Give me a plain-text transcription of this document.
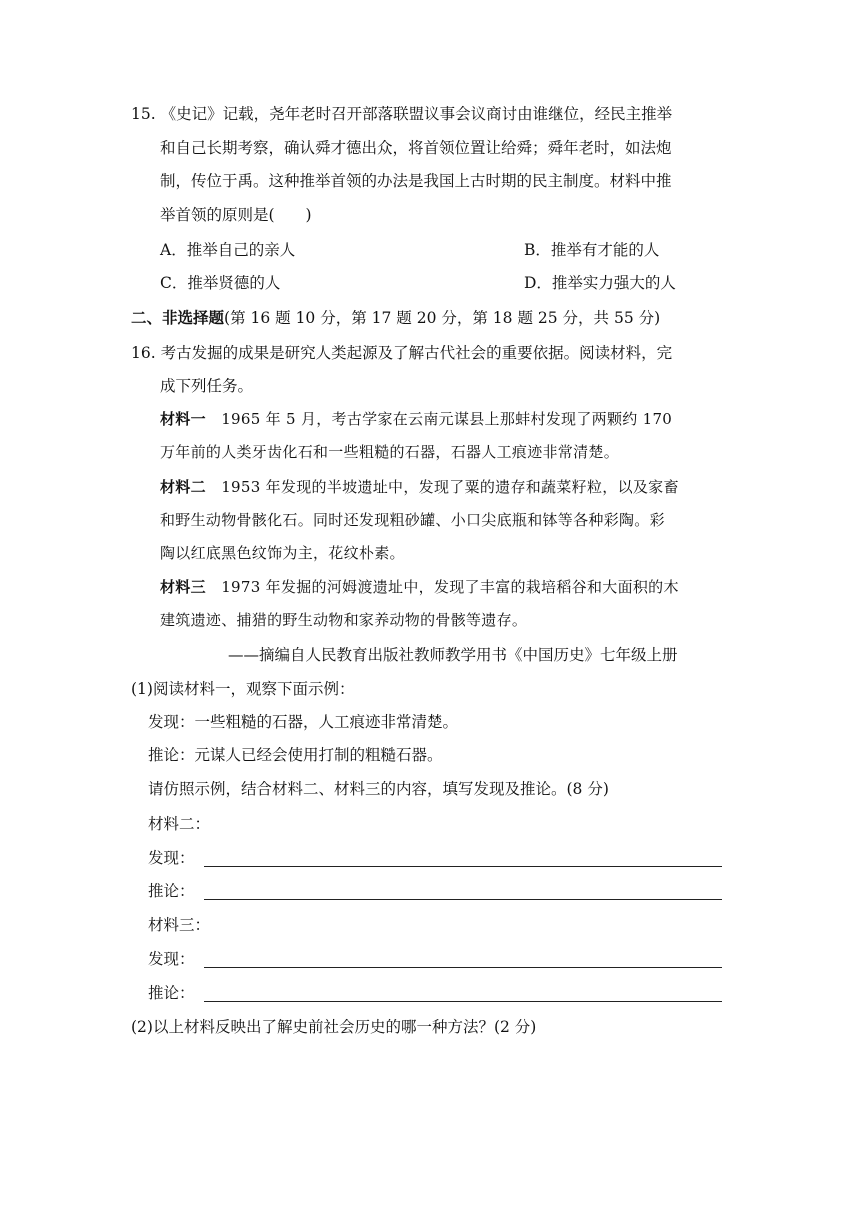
15. 《史记》记载，尧年老时召开部落联盟议事会议商讨由谁继位，经民主推举
和自己长期考察，确认舜才德出众，将首领位置让给舜；舜年老时，如法炮
制，传位于禹。这种推举首领的办法是我国上古时期的民主制度。材料中推
举首领的原则是(　　)
A．推举自己的亲人	B．推举有才能的人
C．推举贤德的人	D．推举实力强大的人
二、非选择题(第 16 题 10 分，第 17 题 20 分，第 18 题 25 分，共 55 分)
16. 考古发掘的成果是研究人类起源及了解古代社会的重要依据。阅读材料，完
成下列任务。
材料一　 1965 年 5 月，考古学家在云南元谋县上那蚌村发现了两颗约 170
万年前的人类牙齿化石和一些粗糙的石器，石器人工痕迹非常清楚。
材料二　 1953 年发现的半坡遗址中，发现了粟的遗存和蔬菜籽粒，以及家畜
和野生动物骨骸化石。同时还发现粗砂罐、小口尖底瓶和钵等各种彩陶。彩
陶以红底黑色纹饰为主，花纹朴素。
材料三　 1973 年发掘的河姆渡遗址中，发现了丰富的栽培稻谷和大面积的木
建筑遗迹、捕猎的野生动物和家养动物的骨骸等遗存。
——摘编自人民教育出版社教师教学用书《中国历史》七年级上册
(1)阅读材料一，观察下面示例：
发现：一些粗糙的石器，人工痕迹非常清楚。
推论：元谋人已经会使用打制的粗糙石器。
请仿照示例，结合材料二、材料三的内容，填写发现及推论。(8 分)
材料二：
发现：
推论：
材料三：
发现：
推论：
(2)以上材料反映出了解史前社会历史的哪一种方法？(2 分)
